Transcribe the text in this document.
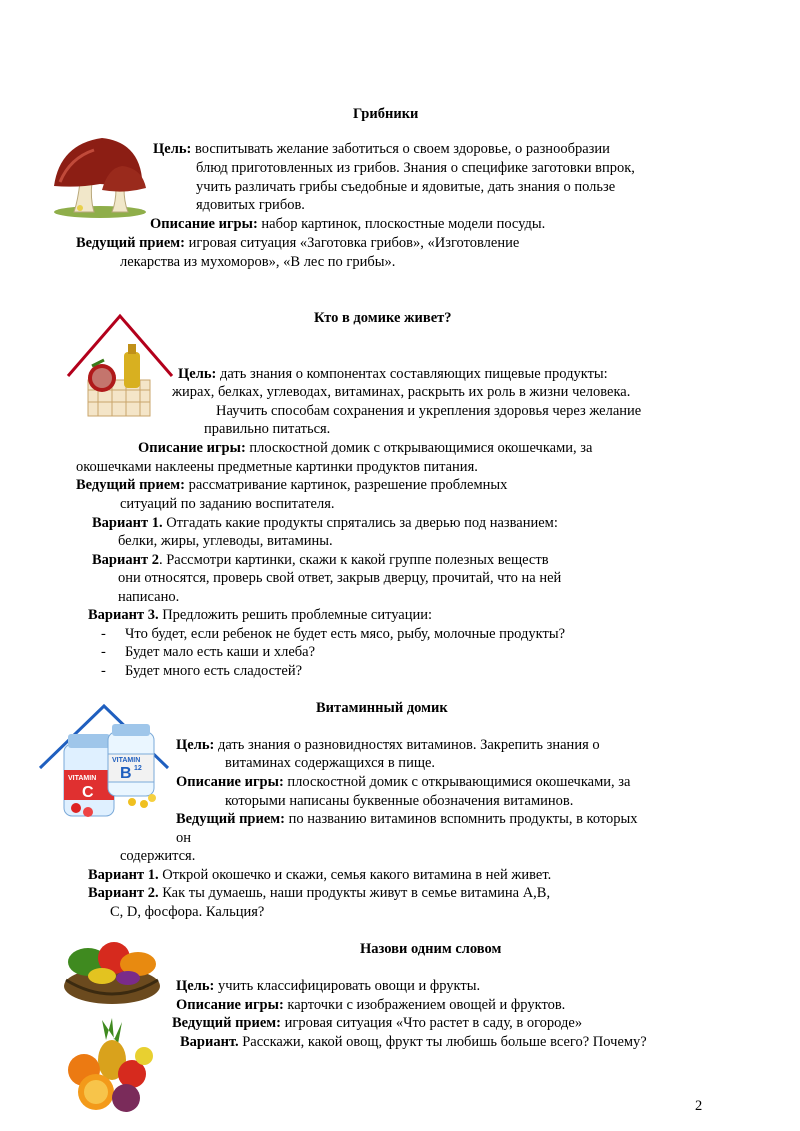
Грибники
Цель: воспитывать желание заботиться о своем здоровье, о разнообразии
блюд приготовленных из грибов. Знания о специфике заготовки впрок,
учить различать грибы съедобные и ядовитые, дать знания о пользе
ядовитых грибов.
Описание игры: набор картинок, плоскостные модели посуды.
Ведущий прием: игровая ситуация «Заготовка грибов», «Изготовление
лекарства из мухоморов», «В лес по грибы».
Кто в домике живет?
Цель: дать знания о компонентах составляющих пищевые продукты:
жирах, белках, углеводах, витаминах, раскрыть их роль в жизни человека.
Научить способам сохранения и укрепления здоровья через желание
правильно питаться.
Описание игры: плоскостной домик с открывающимися окошечками, за
окошечками наклеены предметные картинки продуктов питания.
Ведущий прием: рассматривание картинок, разрешение проблемных
ситуаций по заданию воспитателя.
Вариант 1. Отгадать какие продукты спрятались за дверью под названием:
белки, жиры, углеводы, витамины.
Вариант 2. Рассмотри картинки, скажи к какой группе полезных веществ
они относятся, проверь свой ответ, закрыв дверцу, прочитай, что на ней
написано.
Вариант 3. Предложить решить проблемные ситуации:
- Что будет, если ребенок не будет есть мясо, рыбу, молочные продукты?
- Будет мало есть каши и хлеба?
- Будет много есть сладостей?
Витаминный домик
VITAMIN
C
VITAMIN
B 12
Цель: дать знания о разновидностях витаминов. Закрепить знания о
витаминах содержащихся в пище.
Описание игры: плоскостной домик с открывающимися окошечками, за
которыми написаны буквенные обозначения витаминов.
Ведущий прием: по названию витаминов вспомнить продукты, в которых
он
содержится.
Вариант 1. Открой окошечко и скажи, семья какого витамина в ней живет.
Вариант 2. Как ты думаешь, наши продукты живут в семье витамина А,В,
С, D, фосфора. Кальция?
Назови одним словом
Цель: учить классифицировать овощи и фрукты.
Описание игры: карточки с изображением овощей и фруктов.
Ведущий прием: игровая ситуация «Что растет в саду, в огороде»
Вариант. Расскажи, какой овощ, фрукт ты любишь больше всего? Почему?
2
